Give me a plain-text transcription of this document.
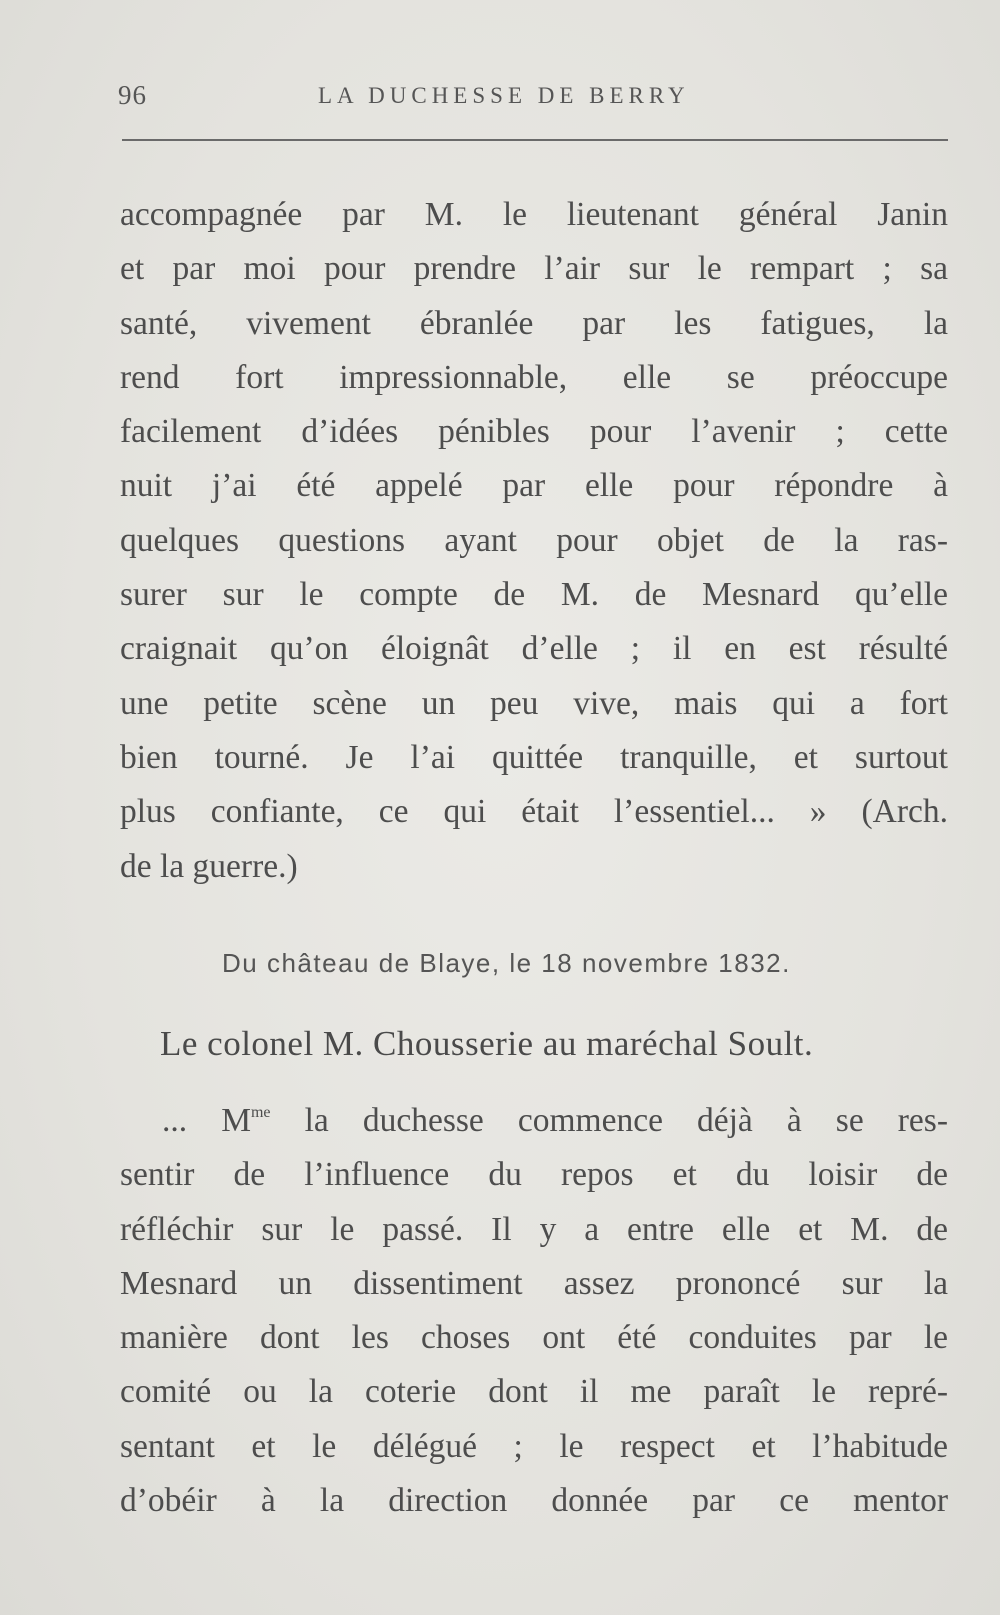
96	LA DUCHESSE DE BERRY
accompagnée par M. le lieutenant général Janin
et par moi pour prendre l’air sur le rempart ; sa
santé, vivement ébranlée par les fatigues, la
rend fort impressionnable, elle se préoccupe
facilement d’idées pénibles pour l’avenir ; cette
nuit j’ai été appelé par elle pour répondre à
quelques questions ayant pour objet de la ras-
surer sur le compte de M. de Mesnard qu’elle
craignait qu’on éloignât d’elle ; il en est résulté
une petite scène un peu vive, mais qui a fort
bien tourné. Je l’ai quittée tranquille, et surtout
plus confiante, ce qui était l’essentiel... » (Arch.
de la guerre.)
Du château de Blaye, le 18 novembre 1832.
Le colonel M. Chousserie au maréchal Soult.
... $M^{me}$ la duchesse commence déjà à se res-
sentir de l’influence du repos et du loisir de
réfléchir sur le passé. Il y a entre elle et M. de
Mesnard un dissentiment assez prononcé sur la
manière dont les choses ont été conduites par le
comité ou la coterie dont il me paraît le repré-
sentant et le délégué ; le respect et l’habitude
d’obéir à la direction donnée par ce mentor
